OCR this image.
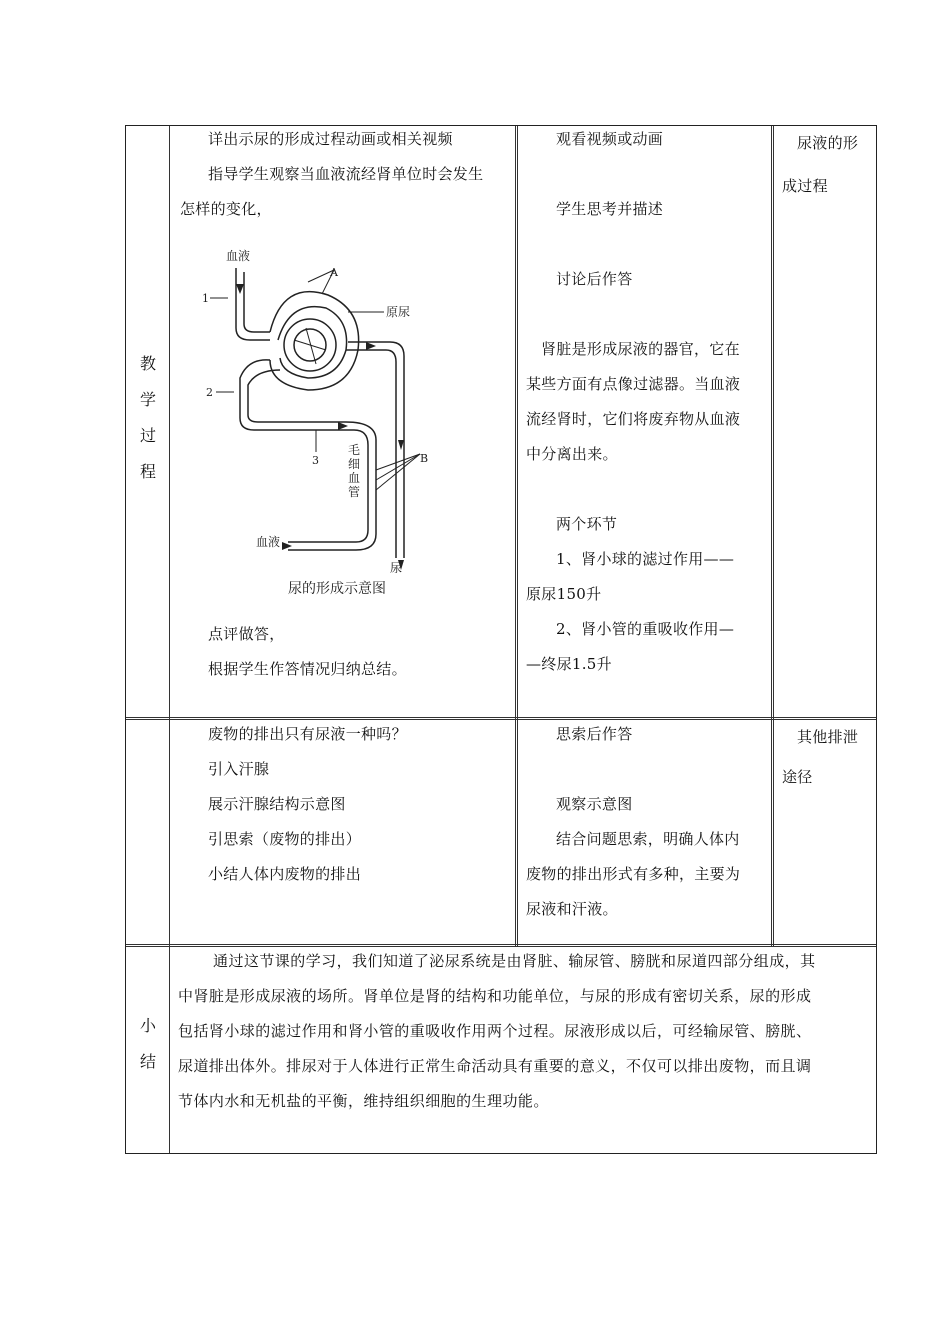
教
学
过
程

详出示尿的形成过程动画或相关视频

指导学生观察当血液流经肾单位时会发生

怎样的变化，

血液
A
原尿
1
2
3
毛
细
血
管
B
血液
尿
尿的形成示意图

点评做答，

根据学生作答情况归纳总结。

观看视频或动画

学生思考并描述

讨论后作答

肾脏是形成尿液的器官，它在

某些方面有点像过滤器。当血液

流经肾时，它们将废弃物从血液

中分离出来。

两个环节

1、肾小球的滤过作用——

原尿150升

2、肾小管的重吸收作用—

—终尿1.5升

尿液的形

成过程

废物的排出只有尿液一种吗？

引入汗腺

展示汗腺结构示意图

引思索（废物的排出）

小结人体内废物的排出

思索后作答

观察示意图

结合问题思索，明确人体内

废物的排出形式有多种，主要为

尿液和汗液。

其他排泄

途径

小
结

通过这节课的学习，我们知道了泌尿系统是由肾脏、输尿管、膀胱和尿道四部分组成，其

中肾脏是形成尿液的场所。肾单位是肾的结构和功能单位，与尿的形成有密切关系，尿的形成

包括肾小球的滤过作用和肾小管的重吸收作用两个过程。尿液形成以后，可经输尿管、膀胱、

尿道排出体外。排尿对于人体进行正常生命活动具有重要的意义，不仅可以排出废物，而且调

节体内水和无机盐的平衡，维持组织细胞的生理功能。
